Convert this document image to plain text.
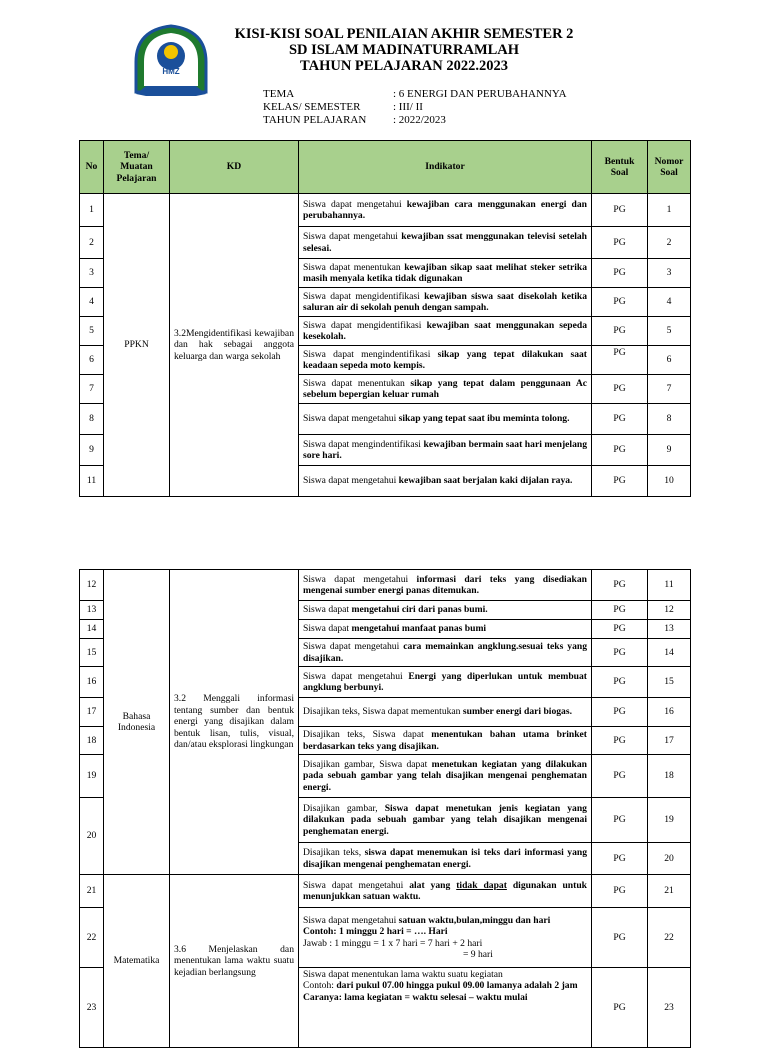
HMZ
KISI-KISI SOAL PENILAIAN AKHIR SEMESTER 2
SD ISLAM MADINATURRAMLAH
TAHUN PELAJARAN 2022.2023
TEMA	: 6 ENERGI DAN PERUBAHANNYA
KELAS/ SEMESTER	: III/ II
TAHUN PELAJARAN	: 2022/2023
No	Tema/ Muatan Pelajaran	KD	Indikator	Bentuk Soal	Nomor Soal
1	PPKN	3.2Mengidentifikasi kewajiban dan hak sebagai anggota keluarga dan warga sekolah	Siswa dapat mengetahui kewajiban cara menggunakan energi dan perubahannya.	PG	1
2			Siswa dapat mengetahui kewajiban ssat menggunakan televisi setelah selesai.	PG	2
3			Siswa dapat menentukan kewajiban sikap saat melihat steker setrika masih menyala ketika tidak digunakan	PG	3
4			Siswa dapat mengidentifikasi kewajiban siswa saat disekolah ketika saluran air di sekolah penuh dengan sampah.	PG	4
5			Siswa dapat mengidentifikasi kewajiban saat menggunakan sepeda kesekolah.	PG	5
6			Siswa dapat mengindentifikasi sikap yang tepat dilakukan saat keadaan sepeda moto kempis.	PG	6
7			Siswa dapat menentukan sikap yang tepat dalam penggunaan Ac sebelum bepergian keluar rumah	PG	7
8			Siswa dapat mengetahui sikap yang tepat saat ibu meminta tolong.	PG	8
9			Siswa dapat mengindentifikasi kewajiban bermain saat hari menjelang sore hari.	PG	9
11			Siswa dapat mengetahui kewajiban saat berjalan kaki dijalan raya.	PG	10
12	Bahasa Indonesia	3.2 Menggali informasi tentang sumber dan bentuk energi yang disajikan dalam bentuk lisan, tulis, visual, dan/atau eksplorasi lingkungan	Siswa dapat mengetahui informasi dari teks yang disediakan mengenai sumber energi panas ditemukan.	PG	11
13			Siswa dapat mengetahui ciri dari panas bumi.	PG	12
14			Siswa dapat mengetahui manfaat panas bumi	PG	13
15			Siswa dapat mengetahui cara memainkan angklung.sesuai teks yang disajikan.	PG	14
16			Siswa dapat mengetahui Energi yang diperlukan untuk membuat angklung berbunyi.	PG	15
17			Disajikan teks, Siswa dapat mementukan sumber energi dari biogas.	PG	16
18			Disajikan teks, Siswa dapat menentukan bahan utama brinket berdasarkan teks yang disajikan.	PG	17
19			Disajikan gambar, Siswa dapat menetukan kegiatan yang dilakukan pada sebuah gambar yang telah disajikan mengenai penghematan energi.	PG	18
20			Disajikan gambar, Siswa dapat menetukan jenis kegiatan yang dilakukan pada sebuah gambar yang telah disajikan mengenai penghematan energi.	PG	19
			Disajikan teks, siswa dapat menemukan isi teks dari informasi yang disajikan mengenai penghematan energi.	PG	20
21	Matematika	3.6 Menjelaskan dan menentukan lama waktu suatu kejadian berlangsung	Siswa dapat mengetahui alat yang tidak dapat digunakan untuk menunjukkan satuan waktu.	PG	21
22			Siswa dapat mengetahui satuan waktu,bulan,minggu dan hari
Contoh: 1 minggu 2 hari = …. Hari
Jawab : 1 minggu = 1 x 7 hari = 7 hari + 2 hari
= 9 hari	PG	22
23			Siswa dapat menentukan lama waktu suatu kegiatan
Contoh: dari pukul 07.00 hingga pukul 09.00 lamanya adalah 2 jam
Caranya: lama kegiatan = waktu selesai – waktu mulai	PG	23
